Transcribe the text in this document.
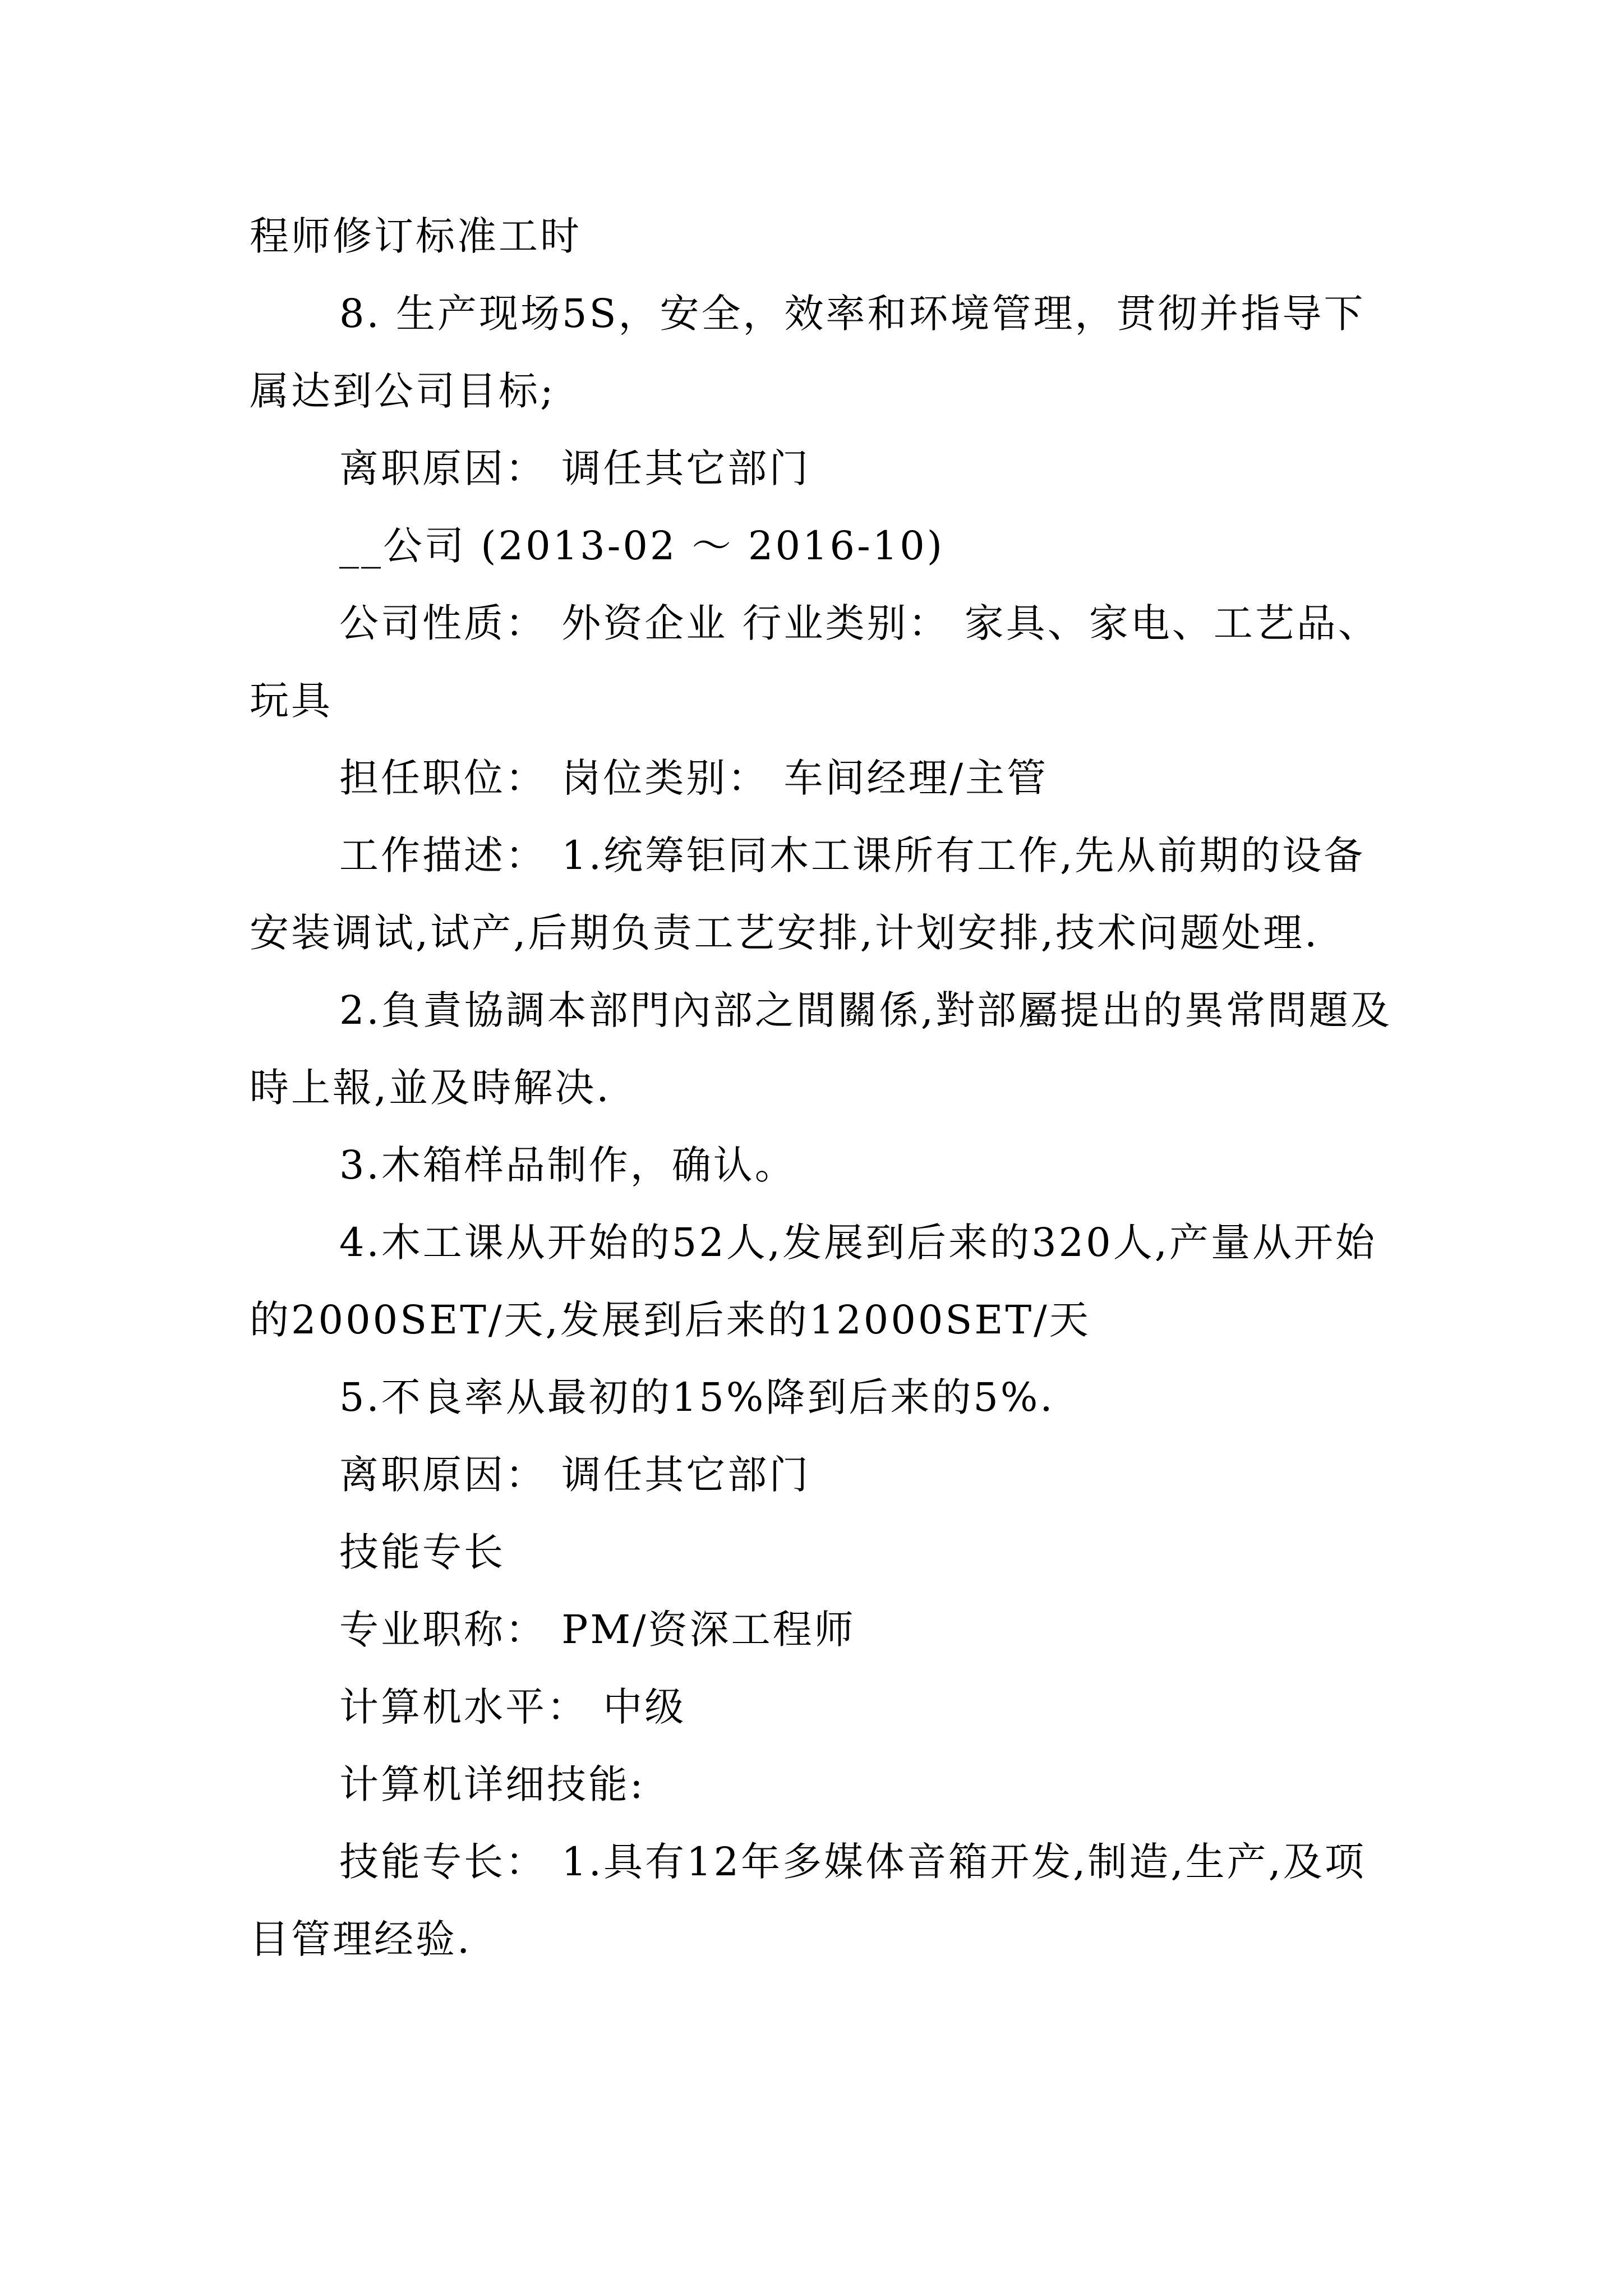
程师修订标准工时

8. 生产现场5S，安全，效率和环境管理，贯彻并指导下属达到公司目标;

离职原因： 调任其它部门

__公司 (2013-02 ～ 2016-10)

公司性质： 外资企业 行业类别： 家具、家电、工艺品、玩具

担任职位： 岗位类别： 车间经理/主管

工作描述： 1.统筹钜同木工课所有工作,先从前期的设备安装调试,试产,后期负责工艺安排,计划安排,技术问题处理.

2.負責協調本部門內部之間關係,對部屬提出的異常問題及時上報,並及時解决.

3.木箱样品制作，确认。

4.木工课从开始的52人,发展到后来的320人,产量从开始的2000SET/天,发展到后来的12000SET/天

5.不良率从最初的15%降到后来的5%.

离职原因： 调任其它部门

技能专长

专业职称： PM/资深工程师

计算机水平： 中级

计算机详细技能:

技能专长： 1.具有12年多媒体音箱开发,制造,生产,及项目管理经验.
